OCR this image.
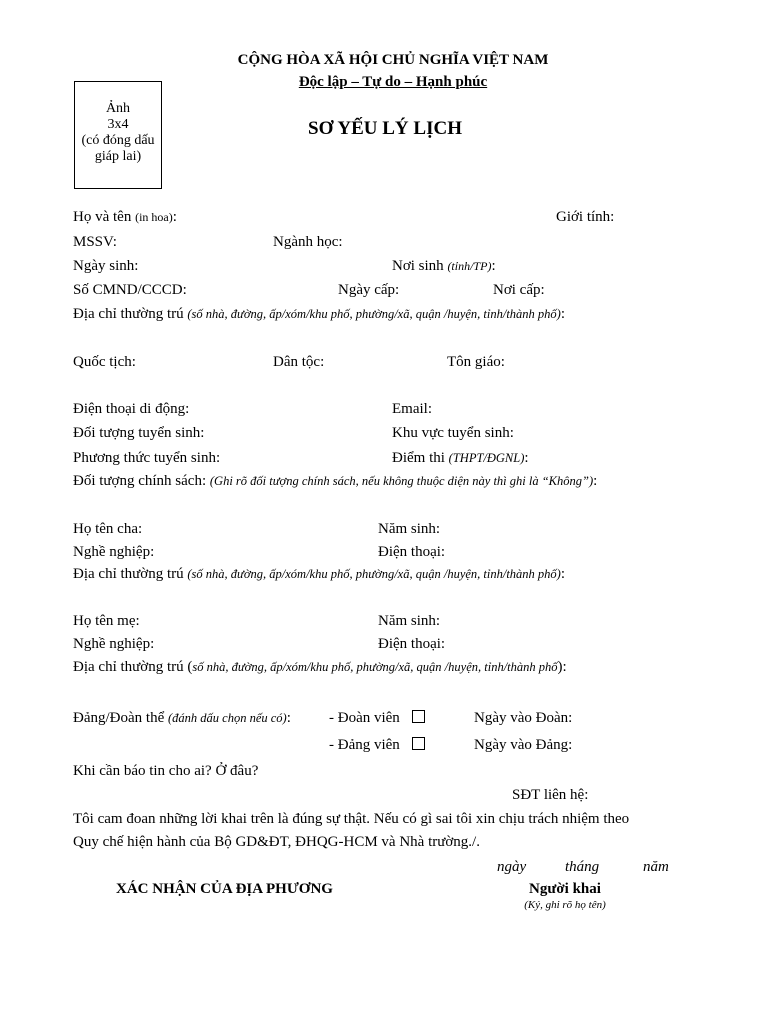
CỘNG HÒA XÃ HỘI CHỦ NGHĨA VIỆT NAM
Độc lập – Tự do – Hạnh phúc
SƠ YẾU LÝ LỊCH
Ảnh
3x4
(có đóng dấu
giáp lai)
Họ và tên (in hoa):	Giới tính:
MSSV:	Ngành học:
Ngày sinh:	Nơi sinh (tỉnh/TP):
Số CMND/CCCD:	Ngày cấp:	Nơi cấp:
Địa chỉ thường trú (số nhà, đường, ấp/xóm/khu phố, phường/xã, quận /huyện, tỉnh/thành phố):
Quốc tịch:	Dân tộc:	Tôn giáo:
Điện thoại di động:	Email:
Đối tượng tuyển sinh:	Khu vực tuyển sinh:
Phương thức tuyển sinh:	Điểm thi (THPT/ĐGNL):
Đối tượng chính sách: (Ghi rõ đối tượng chính sách, nếu không thuộc diện này thì ghi là “Không”):
Họ tên cha:	Năm sinh:
Nghề nghiệp:	Điện thoại:
Địa chỉ thường trú (số nhà, đường, ấp/xóm/khu phố, phường/xã, quận /huyện, tỉnh/thành phố):
Họ tên mẹ:	Năm sinh:
Nghề nghiệp:	Điện thoại:
Địa chỉ thường trú (số nhà, đường, ấp/xóm/khu phố, phường/xã, quận /huyện, tỉnh/thành phố):
Đảng/Đoàn thể (đánh dấu chọn nếu có):	- Đoàn viên	Ngày vào Đoàn:
- Đảng viên	Ngày vào Đảng:
Khi cần báo tin cho ai? Ở đâu?
SĐT liên hệ:
Tôi cam đoan những lời khai trên là đúng sự thật. Nếu có gì sai tôi xin chịu trách nhiệm theo
Quy chế hiện hành của Bộ GD&ĐT, ĐHQG-HCM và Nhà trường./.
ngày	tháng	năm
XÁC NHẬN CỦA ĐỊA PHƯƠNG	Người khai
(Ký, ghi rõ họ tên)
